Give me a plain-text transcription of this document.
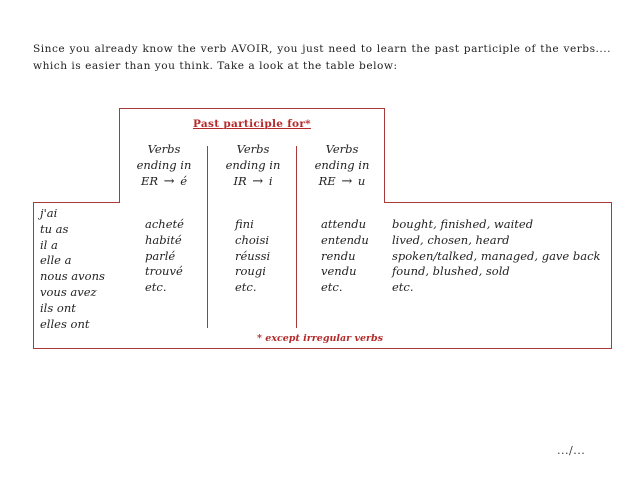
Since you already know the verb AVOIR, you just need to learn the past participle of the verbs.... which is easier than you think. Take a look at the table below:

Past participle for*
Verbs
ending in
ER → é
Verbs
ending in
IR → i
Verbs
ending in
RE → u
j'ai
tu as
il a
elle a
nous avons
vous avez
ils ont
elles ont
acheté
habité
parlé
trouvé
etc.
fini
choisi
réussi
rougi
etc.
attendu
entendu
rendu
vendu
etc.
bought, finished, waited
lived, chosen, heard
spoken/talked, managed, gave back
found, blushed, sold
etc.
* except irregular verbs
.../...
